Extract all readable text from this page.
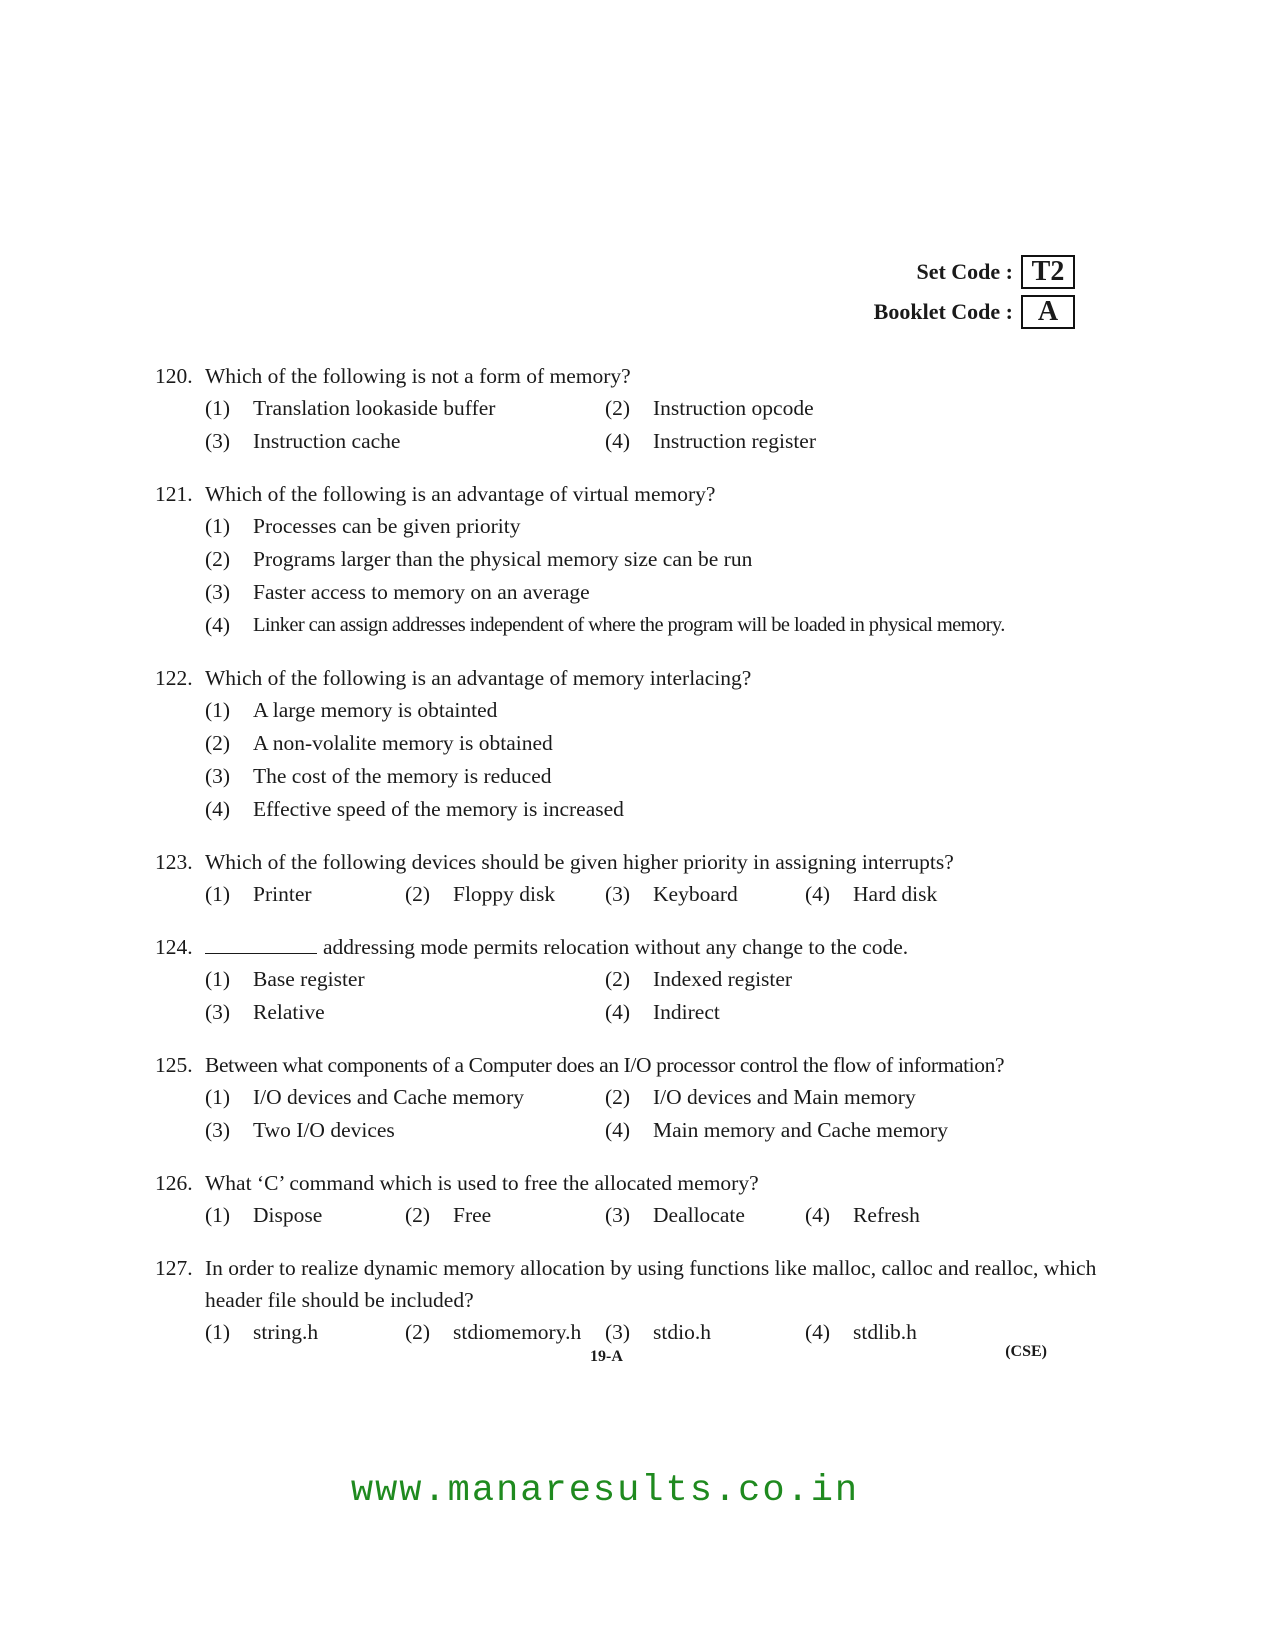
Set Code : T2
Booklet Code : A
120. Which of the following is not a form of memory?
(1)	Translation lookaside buffer	(2)	Instruction opcode
(3)	Instruction cache	(4)	Instruction register
121. Which of the following is an advantage of virtual memory?
(1)	Processes can be given priority
(2)	Programs larger than the physical memory size can be run
(3)	Faster access to memory on an average
(4)	Linker can assign addresses independent of where the program will be loaded in physical memory.
122. Which of the following is an advantage of memory interlacing?
(1)	A large memory is obtainted
(2)	A non-volalite memory is obtained
(3)	The cost of the memory is reduced
(4)	Effective speed of the memory is increased
123. Which of the following devices should be given higher priority in assigning interrupts?
(1)	Printer	(2)	Floppy disk (3)	Keyboard	(4)	Hard disk
124.	addressing mode permits relocation without any change to the code.
(1)	Base register	(2)	Indexed register
(3)	Relative	(4)	Indirect
125. Between what components of a Computer does an I/O processor control the flow of information?
(1)	I/O devices and Cache memory	(2)	I/O devices and Main memory
(3)	Two I/O devices	(4)	Main memory and Cache memory
126. What ‘C’ command which is used to free the allocated memory?
(1)	Dispose	(2)	Free	(3)	Deallocate	(4)	Refresh
127. In order to realize dynamic memory allocation by using functions like malloc, calloc and realloc, which header file should be included?
(1)	string.h	(2)	stdiomemory.h (3)	stdio.h	(4)	stdlib.h
19-A	(CSE)
www.manaresults.co.in
